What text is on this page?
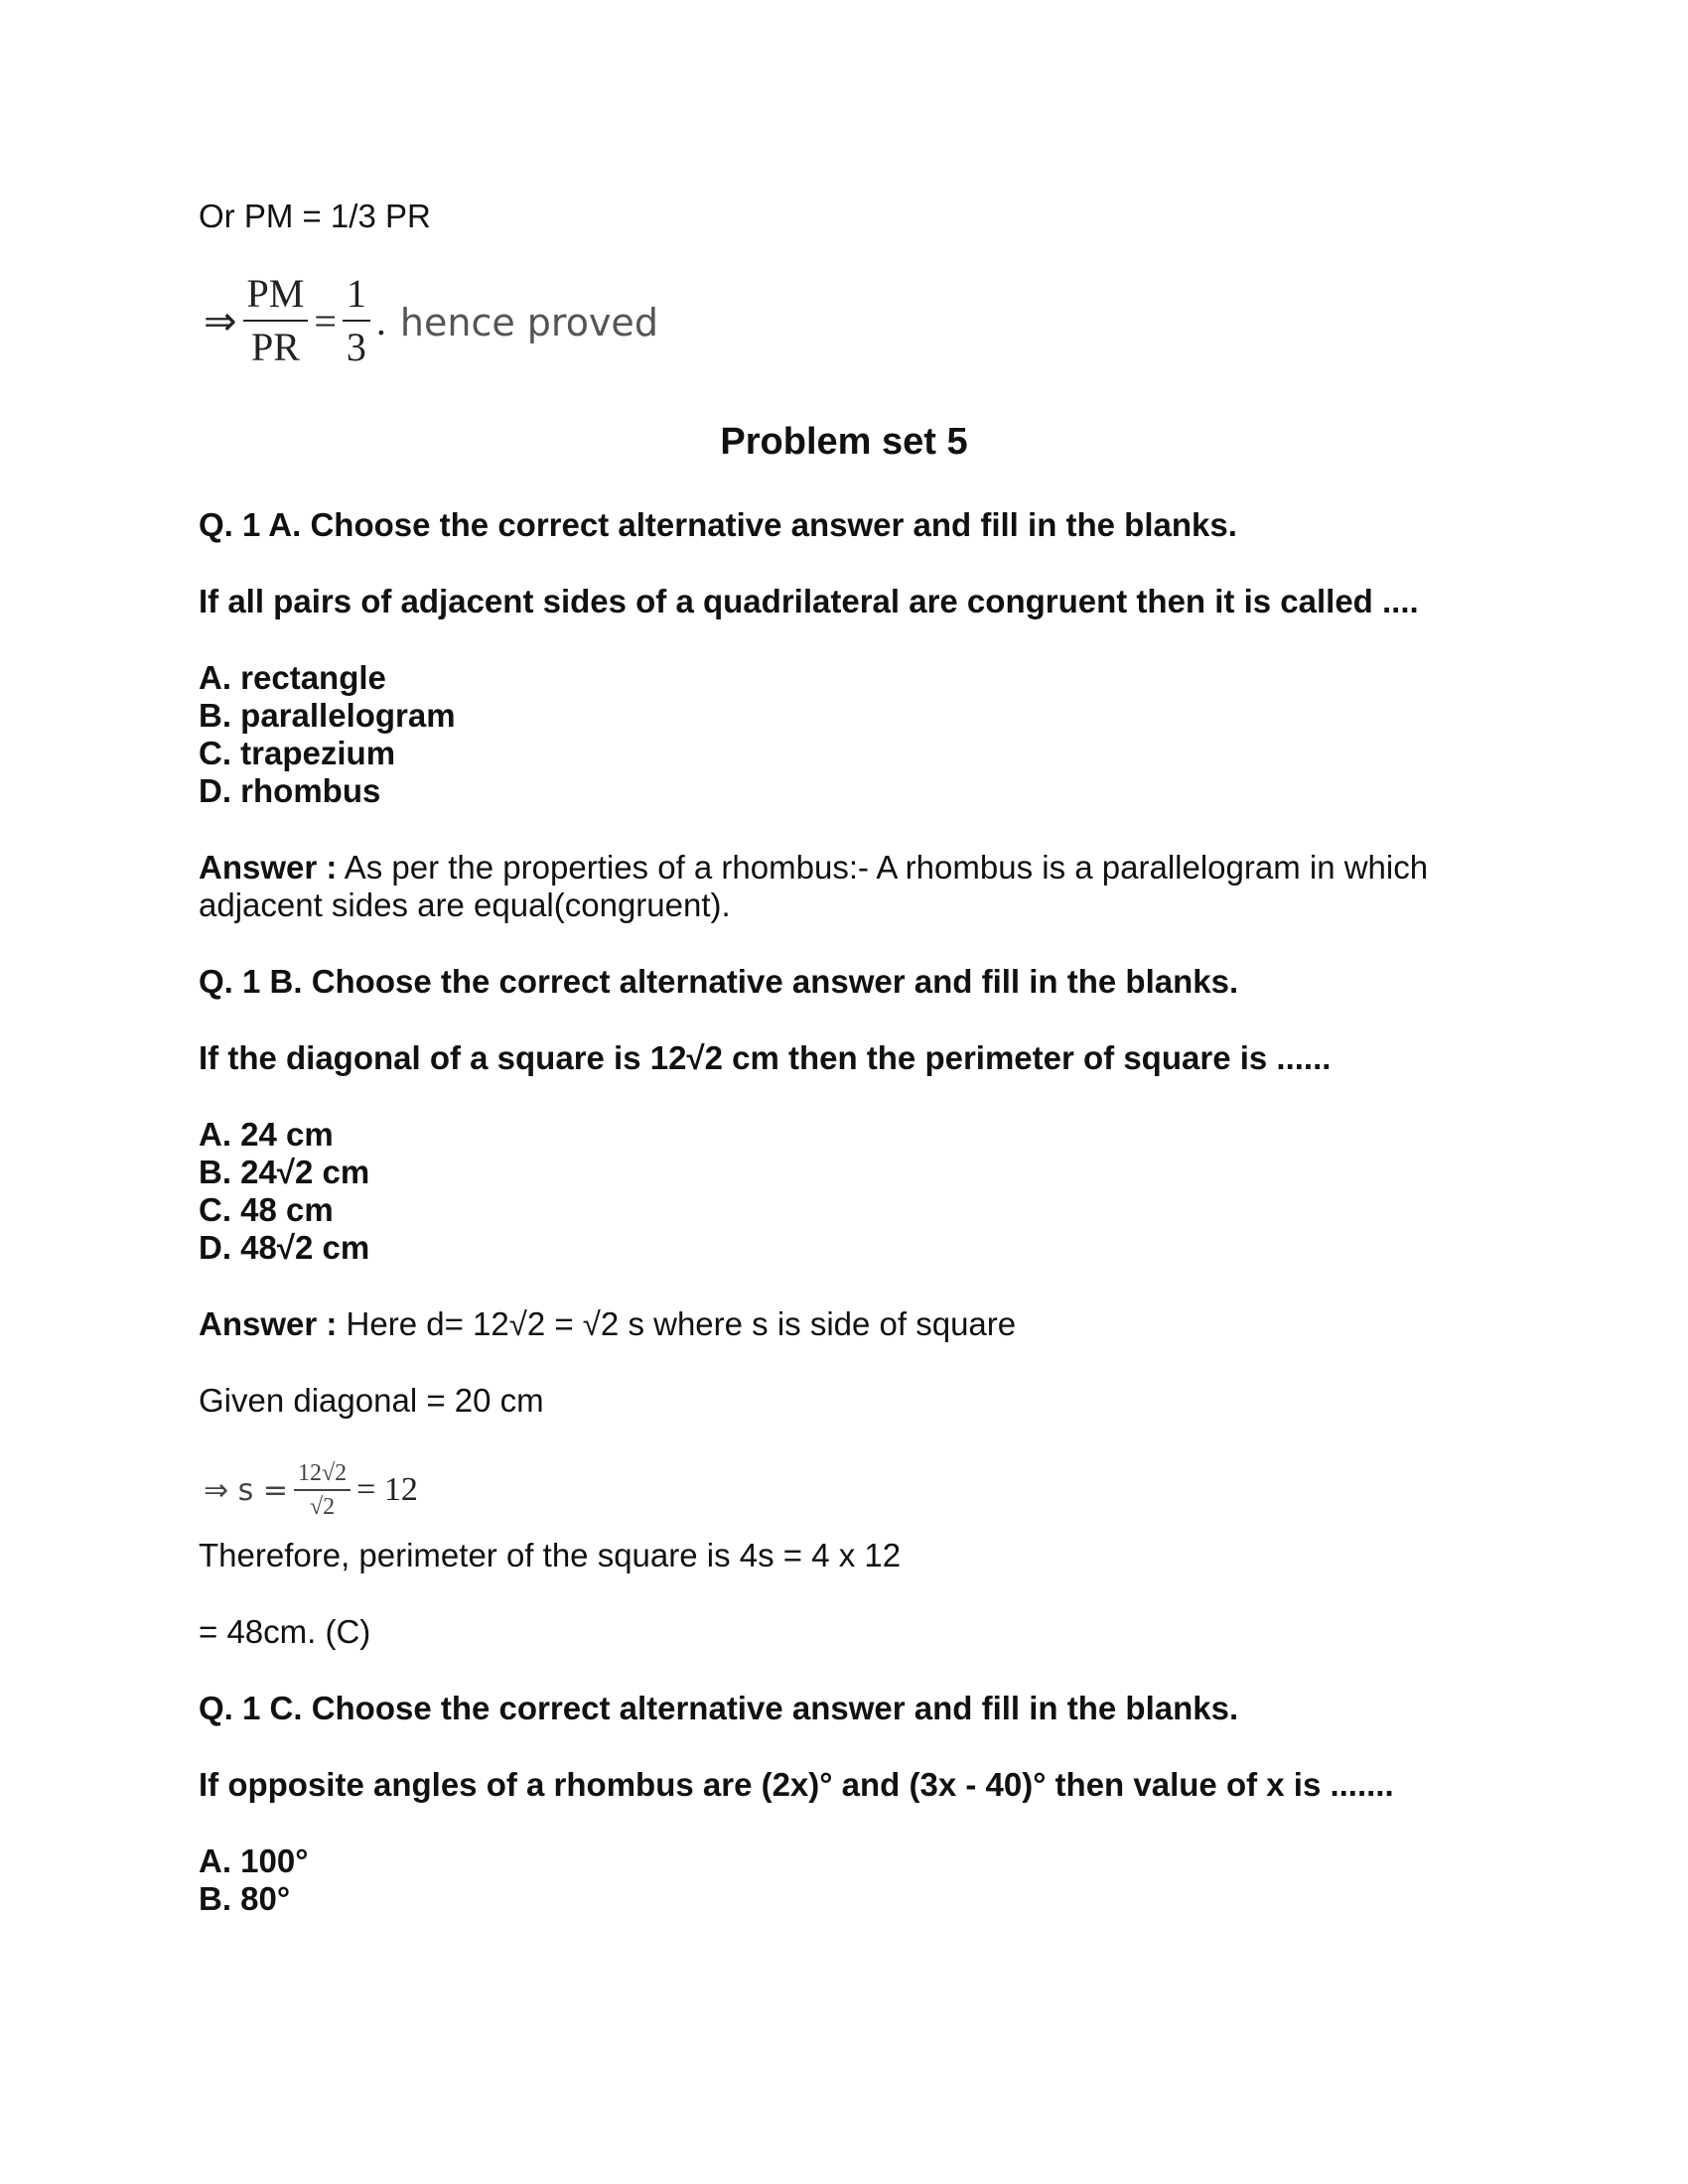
Or PM = 1/3 PR
⇒ $\frac{PM}{PR} = \frac{1}{3}$ . hence proved
Problem set 5
Q. 1 A. Choose the correct alternative answer and fill in the blanks.
If all pairs of adjacent sides of a quadrilateral are congruent then it is called ....
A. rectangle
B. parallelogram
C. trapezium
D. rhombus
Answer : As per the properties of a rhombus:- A rhombus is a parallelogram in which
adjacent sides are equal(congruent).
Q. 1 B. Choose the correct alternative answer and fill in the blanks.
If the diagonal of a square is 12√2 cm then the perimeter of square is ......
A. 24 cm
B. 24√2 cm
C. 48 cm
D. 48√2 cm
Answer : Here d= 12√2 = √2 s where s is side of square
Given diagonal = 20 cm
⇒ $s = \frac{12√2}{√2} = 12$
Therefore, perimeter of the square is 4s = 4 x 12
= 48cm. (C)
Q. 1 C. Choose the correct alternative answer and fill in the blanks.
If opposite angles of a rhombus are (2x)° and (3x - 40)° then value of x is .......
A. 100°
B. 80°
